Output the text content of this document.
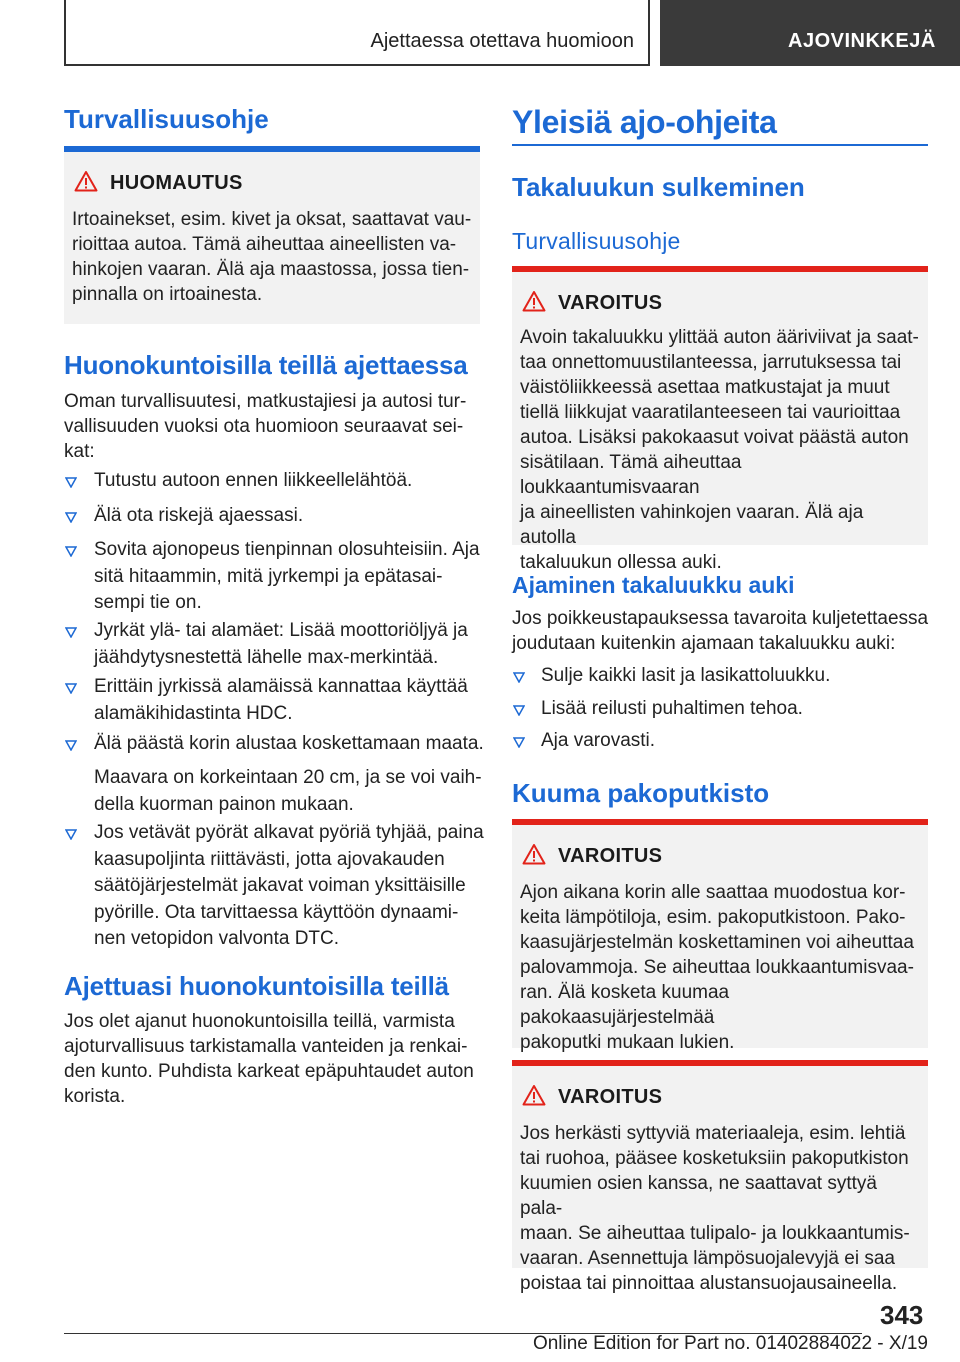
Ajettaessa otettava huomioon	AJOVINKKEJÄ
Turvallisuusohje
HUOMAUTUS
Irtoainekset, esim. kivet ja oksat, saattavat vau-
rioittaa autoa. Tämä aiheuttaa aineellisten va-
hinkojen vaaran. Älä aja maastossa, jossa tien-
pinnalla on irtoainesta.
Huonokuntoisilla teillä ajettaessa
Oman turvallisuutesi, matkustajiesi ja autosi tur-
vallisuuden vuoksi ota huomioon seuraavat sei-
kat:
Tutustu autoon ennen liikkeellelähtöä.
Älä ota riskejä ajaessasi.
Sovita ajonopeus tienpinnan olosuhteisiin. Aja
sitä hitaammin, mitä jyrkempi ja epätasai-
sempi tie on.
Jyrkät ylä- tai alamäet: Lisää moottoriöljyä ja
jäähdytysnestettä lähelle max-merkintää.
Erittäin jyrkissä alamäissä kannattaa käyttää
alamäkihidastinta HDC.
Älä päästä korin alustaa koskettamaan maata.
Maavara on korkeintaan 20 cm, ja se voi vaih-
della kuorman painon mukaan.
Jos vetävät pyörät alkavat pyöriä tyhjää, paina
kaasupoljinta riittävästi, jotta ajovakauden
säätöjärjestelmät jakavat voiman yksittäisille
pyörille. Ota tarvittaessa käyttöön dynaami-
nen vetopidon valvonta DTC.
Ajettuasi huonokuntoisilla teillä
Jos olet ajanut huonokuntoisilla teillä, varmista
ajoturvallisuus tarkistamalla vanteiden ja renkai-
den kunto. Puhdista karkeat epäpuhtaudet auton
korista.
Yleisiä ajo-ohjeita
Takaluukun sulkeminen
Turvallisuusohje
VAROITUS
Avoin takaluukku ylittää auton ääriviivat ja saat-
taa onnettomuustilanteessa, jarrutuksessa tai
väistöliikkeessä asettaa matkustajat ja muut
tiellä liikkujat vaaratilanteeseen tai vaurioittaa
autoa. Lisäksi pakokaasut voivat päästä auton
sisätilaan. Tämä aiheuttaa loukkaantumisvaaran
ja aineellisten vahinkojen vaaran. Älä aja autolla
takaluukun ollessa auki.
Ajaminen takaluukku auki
Jos poikkeustapauksessa tavaroita kuljetettaessa
joudutaan kuitenkin ajamaan takaluukku auki:
Sulje kaikki lasit ja lasikattoluukku.
Lisää reilusti puhaltimen tehoa.
Aja varovasti.
Kuuma pakoputkisto
VAROITUS
Ajon aikana korin alle saattaa muodostua kor-
keita lämpötiloja, esim. pakoputkistoon. Pako-
kaasujärjestelmän koskettaminen voi aiheuttaa
palovammoja. Se aiheuttaa loukkaantumisvaa-
ran. Älä kosketa kuumaa pakokaasujärjestelmää
pakoputki mukaan lukien.
VAROITUS
Jos herkästi syttyviä materiaaleja, esim. lehtiä
tai ruohoa, pääsee kosketuksiin pakoputkiston
kuumien osien kanssa, ne saattavat syttyä pala-
maan. Se aiheuttaa tulipalo- ja loukkaantumis-
vaaran. Asennettuja lämpösuojalevyjä ei saa
poistaa tai pinnoittaa alustansuojausaineella.
343
Online Edition for Part no. 01402884022 - X/19
